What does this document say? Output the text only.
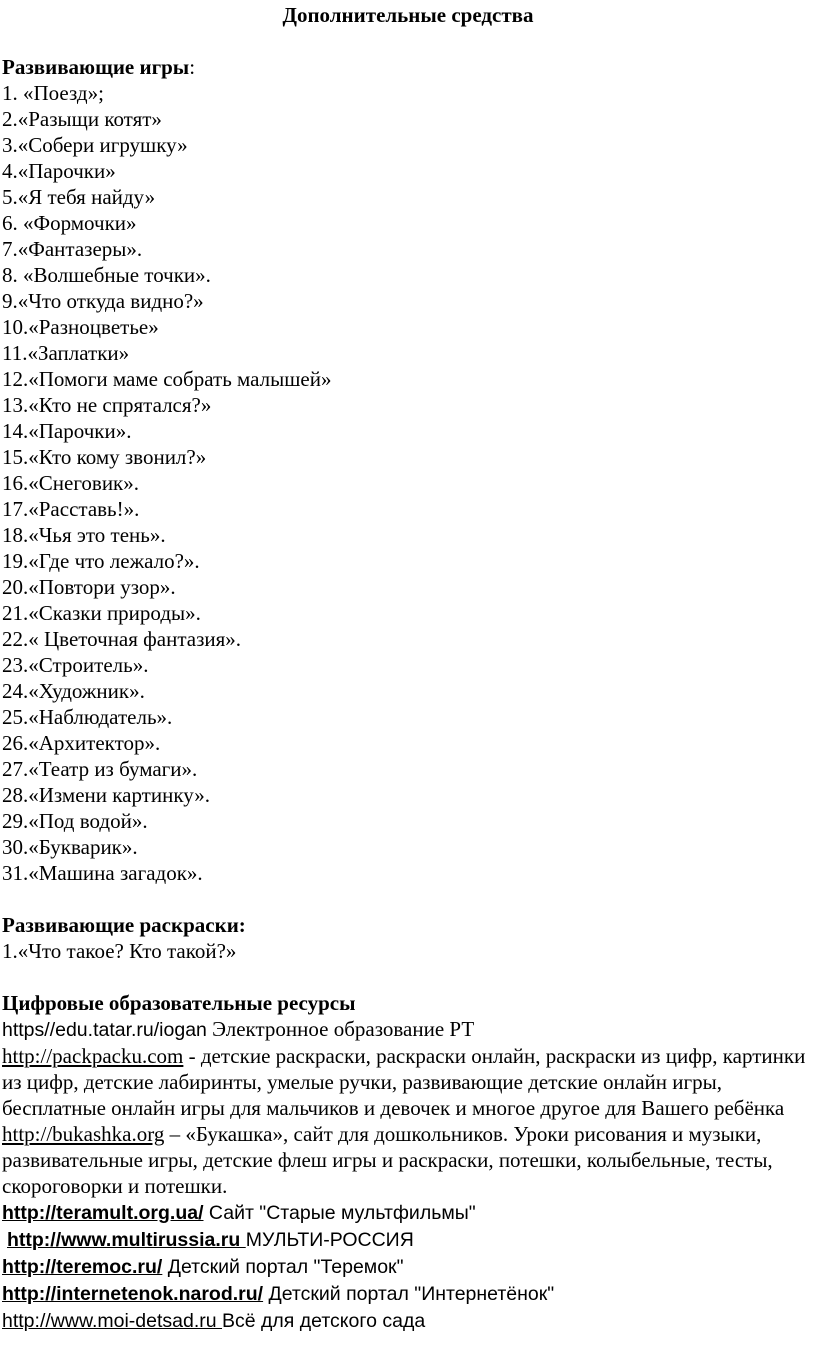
Дополнительные средства

Развивающие игры:

1. «Поезд»;

2.«Разыщи котят»

3.«Собери игрушку»

4.«Парочки»

5.«Я тебя найду»

6. «Формочки»

7.«Фантазеры».

8. «Волшебные точки».

9.«Что откуда видно?»

10.«Разноцветье»

11.«Заплатки»

12.«Помоги маме собрать малышей»

13.«Кто не спрятался?»

14.«Парочки».

15.«Кто кому звонил?»

16.«Снеговик».

17.«Расставь!».

18.«Чья это тень».

19.«Где что лежало?».

20.«Повтори узор».

21.«Сказки природы».

22.« Цветочная фантазия».

23.«Строитель».

24.«Художник».

25.«Наблюдатель».

26.«Архитектор».

27.«Театр из бумаги».

28.«Измени картинку».

29.«Под водой».

30.«Букварик».

31.«Машина загадок».

Развивающие раскраски:

1.«Что такое? Кто такой?»

Цифровые образовательные ресурсы

https//edu.tatar.ru/iogan Электронное образование РТ

http://packpacku.com - детские раскраски, раскраски онлайн, раскраски из цифр, картинки из цифр, детские лабиринты, умелые ручки, развивающие детские онлайн игры, бесплатные онлайн игры для мальчиков и девочек и многое другое для Вашего ребёнка

http://bukashka.org – «Букашка», сайт для дошкольников. Уроки рисования и музыки, развивательные игры, детские флеш игры и раскраски, потешки, колыбельные, тесты, скороговорки и потешки.

http://teramult.org.ua/ Сайт "Старые мультфильмы"

http://www.multirussia.ru МУЛЬТИ-РОССИЯ

http://teremoc.ru/ Детский портал "Теремок"

http://internetenok.narod.ru/ Детский портал "Интернетёнок"

http://www.moi-detsad.ru Всё для детского сада
